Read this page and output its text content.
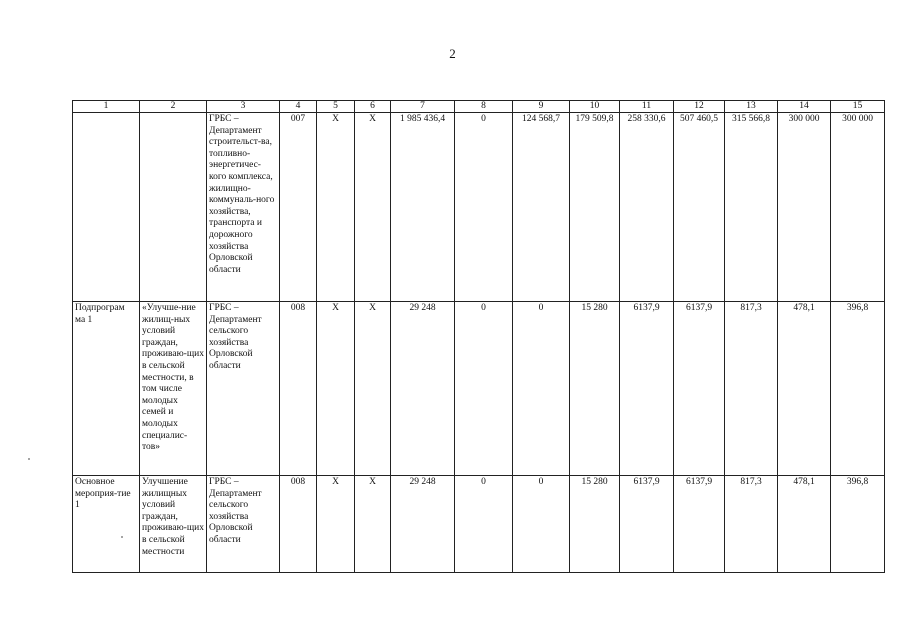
2
1	2	3	4	5	6	7	8	9	10	11	12	13	14	15
		ГРБС – Департамент строительст-ва, топливно-энергетичес-кого комплекса, жилищно-коммуналь-ного хозяйства, транспорта и дорожного хозяйства Орловской области	007	Х	Х	1 985 436,4	0	124 568,7	179 509,8	258 330,6	507 460,5	315 566,8	300 000	300 000
Подпрограм ма 1	«Улучше-ние жилищ-ных условий граждан, проживаю-щих в сельской местности, в том числе молодых семей и молодых специалис-тов»	ГРБС – Департамент сельского хозяйства Орловской области	008	Х	Х	29 248	0	0	15 280	6137,9	6137,9	817,3	478,1	396,8
Основное мероприя-тие 1	Улучшение жилищных условий граждан, проживаю-щих в сельской местности	ГРБС – Департамент сельского хозяйства Орловской области	008	Х	Х	29 248	0	0	15 280	6137,9	6137,9	817,3	478,1	396,8
